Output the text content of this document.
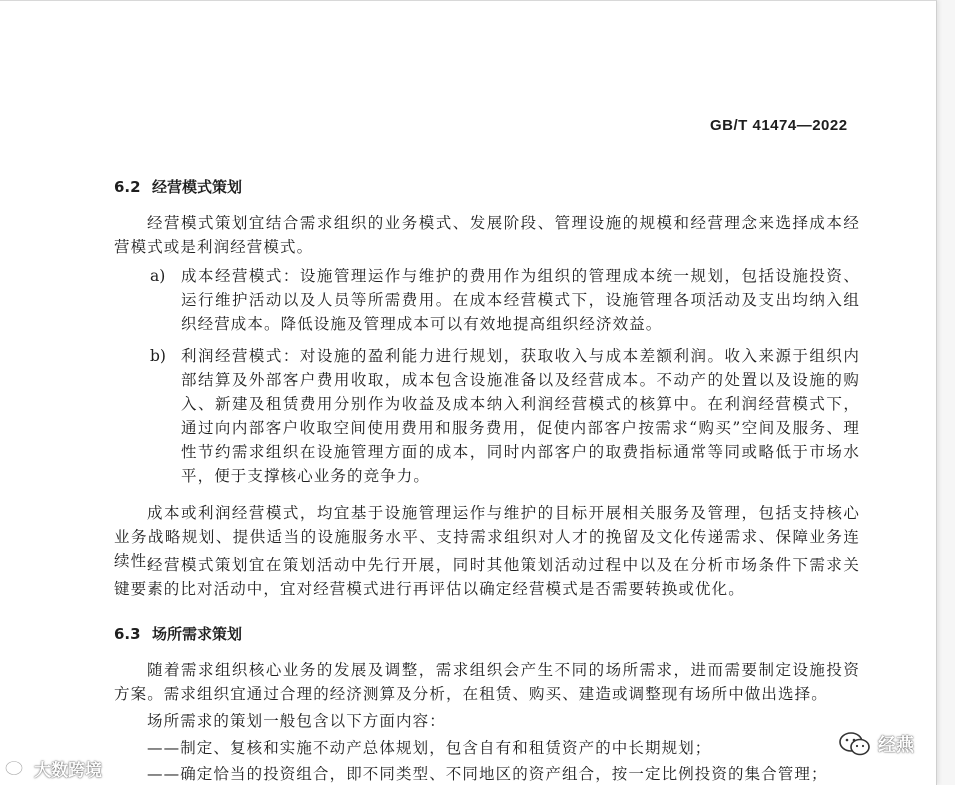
GB/T 41474—2022
6.2 经营模式策划
经营模式策划宜结合需求组织的业务模式、发展阶段、管理设施的规模和经营理念来选择成本经营模式或是利润经营模式。
a) 成本经营模式：设施管理运作与维护的费用作为组织的管理成本统一规划，包括设施投资、运行维护活动以及人员等所需费用。在成本经营模式下，设施管理各项活动及支出均纳入组织经营成本。降低设施及管理成本可以有效地提高组织经济效益。
b) 利润经营模式：对设施的盈利能力进行规划，获取收入与成本差额利润。收入来源于组织内部结算及外部客户费用收取，成本包含设施准备以及经营成本。不动产的处置以及设施的购入、新建及租赁费用分别作为收益及成本纳入利润经营模式的核算中。在利润经营模式下，通过向内部客户收取空间使用费用和服务费用，促使内部客户按需求“购买”空间及服务、理性节约需求组织在设施管理方面的成本，同时内部客户的取费指标通常等同或略低于市场水平，便于支撑核心业务的竞争力。
成本或利润经营模式，均宜基于设施管理运作与维护的目标开展相关服务及管理，包括支持核心业务战略规划、提供适当的设施服务水平、支持需求组织对人才的挽留及文化传递需求、保障业务连续性。
经营模式策划宜在策划活动中先行开展，同时其他策划活动过程中以及在分析市场条件下需求关键要素的比对活动中，宜对经营模式进行再评估以确定经营模式是否需要转换或优化。
6.3 场所需求策划
随着需求组织核心业务的发展及调整，需求组织会产生不同的场所需求，进而需要制定设施投资方案。需求组织宜通过合理的经济测算及分析，在租赁、购买、建造或调整现有场所中做出选择。
场所需求的策划一般包含以下方面内容：
——制定、复核和实施不动产总体规划，包含自有和租赁资产的中长期规划；
——确定恰当的投资组合，即不同类型、不同地区的资产组合，按一定比例投资的集合管理；
大数跨境
经燕
